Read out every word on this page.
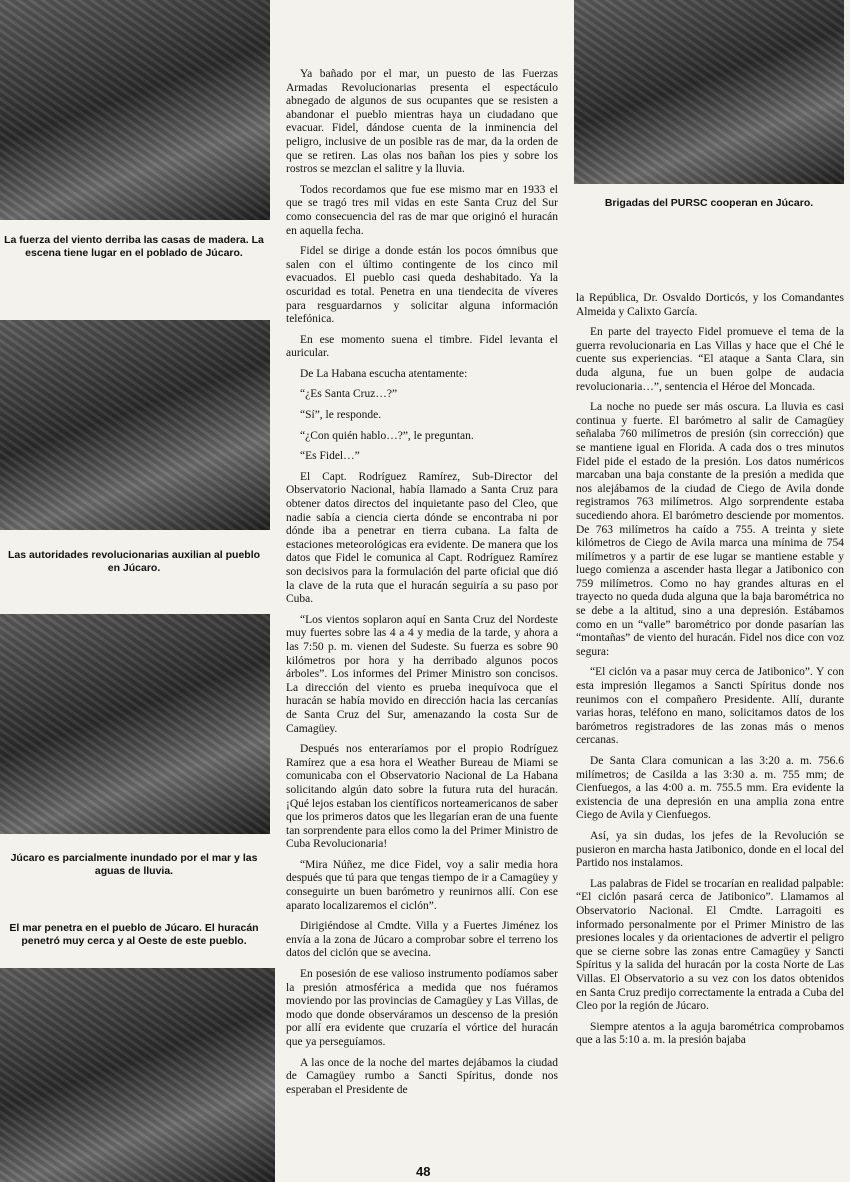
La fuerza del viento derriba las casas de madera. La escena tiene lugar en el poblado de Júcaro.

Las autoridades revolucionarias auxilian al pueblo en Júcaro.

Júcaro es parcialmente inundado por el mar y las aguas de lluvia.

El mar penetra en el pueblo de Júcaro. El huracán penetró muy cerca y al Oeste de este pueblo.

Brigadas del PURSC cooperan en Júcaro.

Ya bañado por el mar, un puesto de las Fuerzas Armadas Revolucionarias presenta el espectáculo abnegado de algunos de sus ocupantes que se resisten a abandonar el pueblo mientras haya un ciudadano que evacuar. Fidel, dándose cuenta de la inminencia del peligro, inclusive de un posible ras de mar, da la orden de que se retiren. Las olas nos bañan los pies y sobre los rostros se mezclan el salitre y la lluvia.

Todos recordamos que fue ese mismo mar en 1933 el que se tragó tres mil vidas en este Santa Cruz del Sur como consecuencia del ras de mar que originó el huracán en aquella fecha.

Fidel se dirige a donde están los pocos ómnibus que salen con el último contingente de los cinco mil evacuados. El pueblo casi queda deshabitado. Ya la oscuridad es total. Penetra en una tiendecita de víveres para resguardarnos y solicitar alguna información telefónica.

En ese momento suena el timbre. Fidel levanta el auricular.

De La Habana escucha atentamente:

“¿Es Santa Cruz…?”

“Sí”, le responde.

“¿Con quién hablo…?”, le preguntan.

“Es Fidel…”

El Capt. Rodríguez Ramírez, Sub-Director del Observatorio Nacional, había llamado a Santa Cruz para obtener datos directos del inquietante paso del Cleo, que nadie sabía a ciencia cierta dónde se encontraba ni por dónde iba a penetrar en tierra cubana. La falta de estaciones meteorológicas era evidente. De manera que los datos que Fidel le comunica al Capt. Rodríguez Ramírez son decisivos para la formulación del parte oficial que dió la clave de la ruta que el huracán seguiría a su paso por Cuba.

“Los vientos soplaron aquí en Santa Cruz del Nordeste muy fuertes sobre las 4 a 4 y media de la tarde, y ahora a las 7:50 p. m. vienen del Sudeste. Su fuerza es sobre 90 kilómetros por hora y ha derribado algunos pocos árboles”. Los informes del Primer Ministro son concisos. La dirección del viento es prueba inequívoca que el huracán se había movido en dirección hacia las cercanías de Santa Cruz del Sur, amenazando la costa Sur de Camagüey.

Después nos enteraríamos por el propio Rodríguez Ramírez que a esa hora el Weather Bureau de Miami se comunicaba con el Observatorio Nacional de La Habana solicitando algún dato sobre la futura ruta del huracán. ¡Qué lejos estaban los científicos norteamericanos de saber que los primeros datos que les llegarían eran de una fuente tan sorprendente para ellos como la del Primer Ministro de Cuba Revolucionaria!

“Mira Núñez, me dice Fidel, voy a salir media hora después que tú para que tengas tiempo de ir a Camagüey y conseguirte un buen barómetro y reunirnos allí. Con ese aparato localizaremos el ciclón”.

Dirigiéndose al Cmdte. Villa y a Fuertes Jiménez los envía a la zona de Júcaro a comprobar sobre el terreno los datos del ciclón que se avecina.

En posesión de ese valioso instrumento podíamos saber la presión atmosférica a medida que nos fuéramos moviendo por las provincias de Camagüey y Las Villas, de modo que donde observáramos un descenso de la presión por allí era evidente que cruzaría el vórtice del huracán que ya perseguíamos.

A las once de la noche del martes dejábamos la ciudad de Camagüey rumbo a Sancti Spíritus, donde nos esperaban el Presidente de

la República, Dr. Osvaldo Dorticós, y los Comandantes Almeida y Calixto García.

En parte del trayecto Fidel promueve el tema de la guerra revolucionaria en Las Villas y hace que el Ché le cuente sus experiencias. “El ataque a Santa Clara, sin duda alguna, fue un buen golpe de audacia revolucionaria…”, sentencia el Héroe del Moncada.

La noche no puede ser más oscura. La lluvia es casi continua y fuerte. El barómetro al salir de Camagüey señalaba 760 milímetros de presión (sin corrección) que se mantiene igual en Florida. A cada dos o tres minutos Fidel pide el estado de la presión. Los datos numéricos marcaban una baja constante de la presión a medida que nos alejábamos de la ciudad de Ciego de Avila donde registramos 763 milímetros. Algo sorprendente estaba sucediendo ahora. El barómetro desciende por momentos. De 763 milímetros ha caído a 755. A treinta y siete kilómetros de Ciego de Avila marca una mínima de 754 milímetros y a partir de ese lugar se mantiene estable y luego comienza a ascender hasta llegar a Jatibonico con 759 milímetros. Como no hay grandes alturas en el trayecto no queda duda alguna que la baja barométrica no se debe a la altitud, sino a una depresión. Estábamos como en un “valle” barométrico por donde pasarían las “montañas” de viento del huracán. Fidel nos dice con voz segura:

“El ciclón va a pasar muy cerca de Jatibonico”. Y con esta impresión llegamos a Sancti Spíritus donde nos reunimos con el compañero Presidente. Allí, durante varias horas, teléfono en mano, solicitamos datos de los barómetros registradores de las zonas más o menos cercanas.

De Santa Clara comunican a las 3:20 a. m. 756.6 milímetros; de Casilda a las 3:30 a. m. 755 mm; de Cienfuegos, a las 4:00 a. m. 755.5 mm. Era evidente la existencia de una depresión en una amplia zona entre Ciego de Avila y Cienfuegos.

Así, ya sin dudas, los jefes de la Revolución se pusieron en marcha hasta Jatibonico, donde en el local del Partido nos instalamos.

Las palabras de Fidel se trocarían en realidad palpable: “El ciclón pasará cerca de Jatibonico”. Llamamos al Observatorio Nacional. El Cmdte. Larragoiti es informado personalmente por el Primer Ministro de las presiones locales y da orientaciones de advertir el peligro que se cierne sobre las zonas entre Camagüey y Sancti Spíritus y la salida del huracán por la costa Norte de Las Villas. El Observatorio a su vez con los datos obtenidos en Santa Cruz predijo correctamente la entrada a Cuba del Cleo por la región de Júcaro.

Siempre atentos a la aguja barométrica comprobamos que a las 5:10 a. m. la presión bajaba

48
